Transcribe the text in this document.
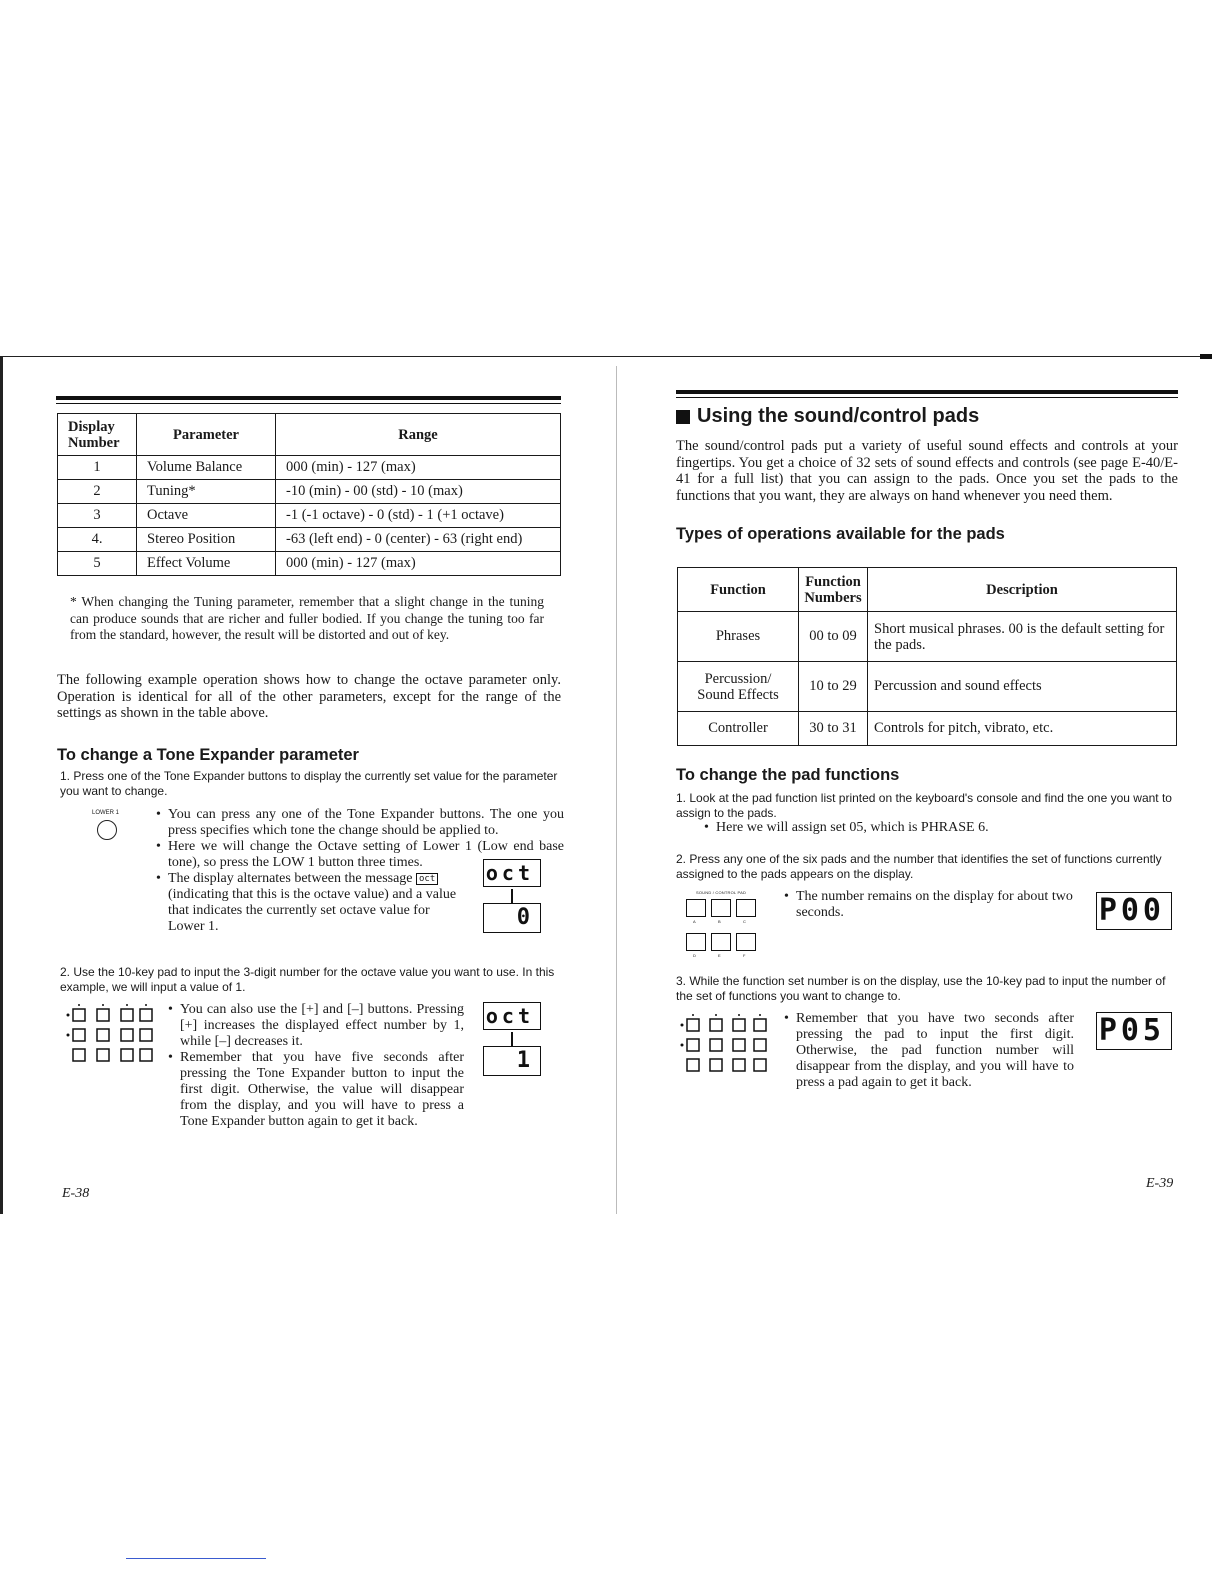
Display Number	Parameter	Range
1	Volume Balance	000 (min) - 127 (max)
2	Tuning*	-10 (min) - 00 (std) - 10 (max)
3	Octave	-1 (-1 octave) - 0 (std) - 1 (+1 octave)
4.	Stereo Position	-63 (left end) - 0 (center) - 63 (right end)
5	Effect Volume	000 (min) - 127 (max)
* When changing the Tuning parameter, remember that a slight change in the tuning can produce sounds that are richer and fuller bodied. If you change the tuning too far from the standard, however, the result will be distorted and out of key.
The following example operation shows how to change the octave parameter only. Operation is identical for all of the other parameters, except for the range of the settings as shown in the table above.
To change a Tone Expander parameter
1. Press one of the Tone Expander buttons to display the currently set value for the parameter you want to change.
LOWER 1	• You can press any one of the Tone Expander buttons. The one you press specifies which tone the change should be applied to.
• Here we will change the Octave setting of Lower 1 (Low end base tone), so press the LOW 1 button three times.
• The display alternates between the message oct
(indicating that this is the octave value) and a value that indicates the currently set octave value for Lower 1.
oct
0
2. Use the 10-key pad to input the 3-digit number for the octave value you want to use. In this example, we will input a value of 1.
• You can also use the [+] and [–] buttons. Pressing [+] increases the displayed effect number by 1, while [–] decreases it.
• Remember that you have five seconds after pressing the Tone Expander button to input the first digit. Otherwise, the value will disappear from the display, and you will have to press a Tone Expander button again to get it back.
oct
1
E-38
Using the sound/control pads
The sound/control pads put a variety of useful sound effects and controls at your fingertips. You get a choice of 32 sets of sound effects and controls (see page E-40/E-41 for a full list) that you can assign to the pads. Once you set the pads to the functions that you want, they are always on hand whenever you need them.
Types of operations available for the pads
Function	Function Numbers	Description
Phrases	00 to 09	Short musical phrases. 00 is the default setting for the pads.
Percussion/ Sound Effects	10 to 29	Percussion and sound effects
Controller	30 to 31	Controls for pitch, vibrato, etc.
To change the pad functions
1. Look at the pad function list printed on the keyboard's console and find the one you want to assign to the pads.
• Here we will assign set 05, which is PHRASE 6.
2. Press any one of the six pads and the number that identifies the set of functions currently assigned to the pads appears on the display.
SOUND / CONTROL PAD
A	B	C
D	E	F
• The number remains on the display for about two seconds.	P00
3. While the function set number is on the display, use the 10-key pad to input the number of the set of functions you want to change to.
• Remember that you have two seconds after pressing the pad to input the first digit. Otherwise, the pad function number will disappear from the display, and you will have to press a pad again to get it back.
P05
E-39
